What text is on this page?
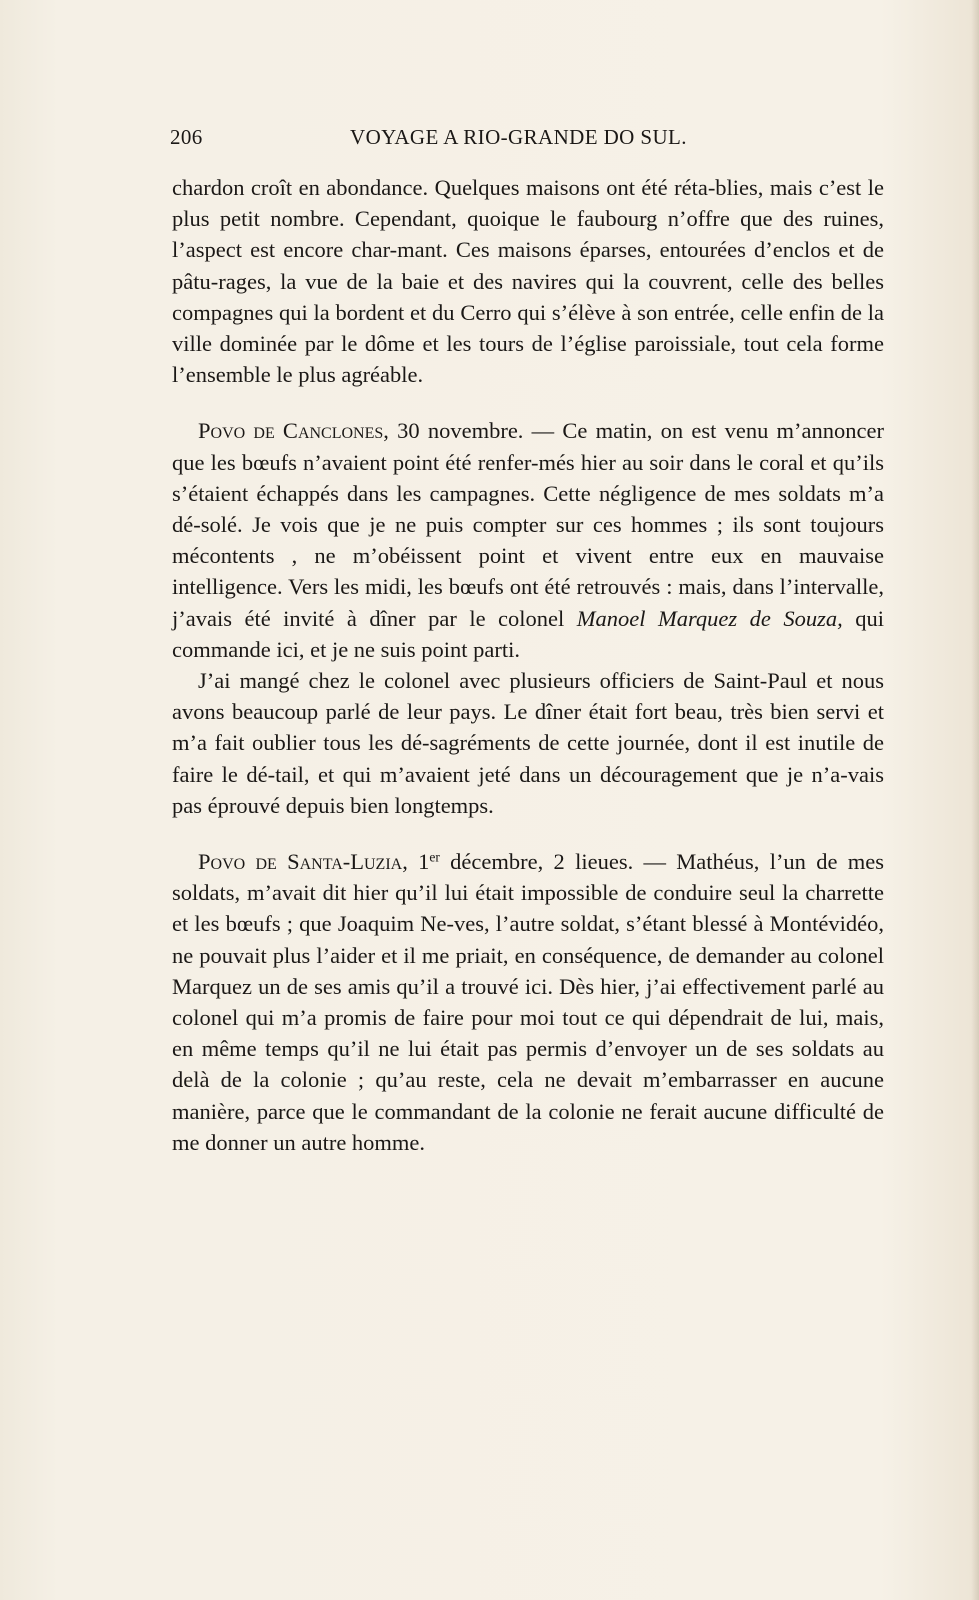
206	VOYAGE A RIO-GRANDE DO SUL.

chardon croît en abondance. Quelques maisons ont été réta-blies, mais c’est le plus petit nombre. Cependant, quoique le faubourg n’offre que des ruines, l’aspect est encore char-mant. Ces maisons éparses, entourées d’enclos et de pâtu-rages, la vue de la baie et des navires qui la couvrent, celle des belles compagnes qui la bordent et du Cerro qui s’élève à son entrée, celle enfin de la ville dominée par le dôme et les tours de l’église paroissiale, tout cela forme l’ensemble le plus agréable.

Povo de Canclones, 30 novembre. — Ce matin, on est venu m’annoncer que les bœufs n’avaient point été renfer-més hier au soir dans le coral et qu’ils s’étaient échappés dans les campagnes. Cette négligence de mes soldats m’a dé-solé. Je vois que je ne puis compter sur ces hommes ; ils sont toujours mécontents , ne m’obéissent point et vivent entre eux en mauvaise intelligence. Vers les midi, les bœufs ont été retrouvés : mais, dans l’intervalle, j’avais été invité à dîner par le colonel Manoel Marquez de Souza, qui commande ici, et je ne suis point parti.

J’ai mangé chez le colonel avec plusieurs officiers de Saint-Paul et nous avons beaucoup parlé de leur pays. Le dîner était fort beau, très bien servi et m’a fait oublier tous les dé-sagréments de cette journée, dont il est inutile de faire le dé-tail, et qui m’avaient jeté dans un découragement que je n’a-vais pas éprouvé depuis bien longtemps.

Povo de Santa-Luzia, 1er décembre, 2 lieues. — Mathéus, l’un de mes soldats, m’avait dit hier qu’il lui était impossible de conduire seul la charrette et les bœufs ; que Joaquim Ne-ves, l’autre soldat, s’étant blessé à Montévidéo, ne pouvait plus l’aider et il me priait, en conséquence, de demander au colonel Marquez un de ses amis qu’il a trouvé ici. Dès hier, j’ai effectivement parlé au colonel qui m’a promis de faire pour moi tout ce qui dépendrait de lui, mais, en même temps qu’il ne lui était pas permis d’envoyer un de ses soldats au delà de la colonie ; qu’au reste, cela ne devait m’embarrasser en aucune manière, parce que le commandant de la colonie ne ferait aucune difficulté de me donner un autre homme.
